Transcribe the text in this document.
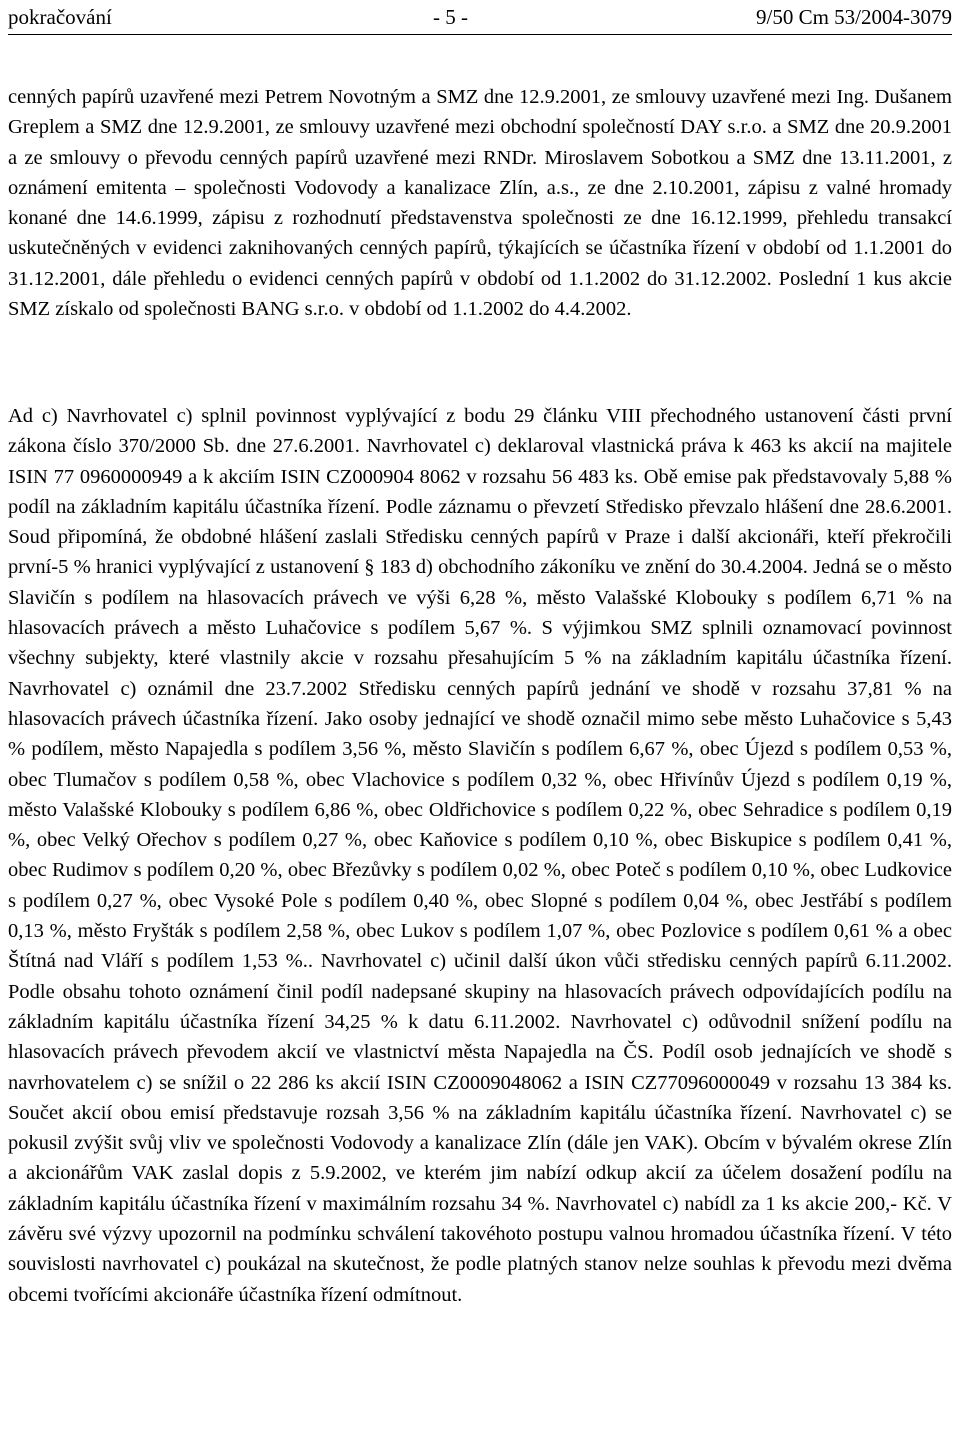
pokračování	- 5 -	9/50 Cm 53/2004-3079

cenných papírů uzavřené mezi Petrem Novotným a SMZ dne 12.9.2001, ze smlouvy uzavřené mezi Ing. Dušanem Greplem a SMZ dne 12.9.2001, ze smlouvy uzavřené mezi obchodní společností DAY s.r.o. a SMZ dne 20.9.2001 a ze smlouvy o převodu cenných papírů uzavřené mezi RNDr. Miroslavem Sobotkou a SMZ dne 13.11.2001, z oznámení emitenta – společnosti Vodovody a kanalizace Zlín, a.s., ze dne 2.10.2001, zápisu z valné hromady konané dne 14.6.1999, zápisu z rozhodnutí představenstva společnosti ze dne 16.12.1999, přehledu transakcí uskutečněných v evidenci zaknihovaných cenných papírů, týkajících se účastníka řízení v období od 1.1.2001 do 31.12.2001, dále přehledu o evidenci cenných papírů v období od 1.1.2002 do 31.12.2002. Poslední 1 kus akcie SMZ získalo od společnosti BANG s.r.o. v období od 1.1.2002 do 4.4.2002.

Ad c) Navrhovatel c) splnil povinnost vyplývající z bodu 29 článku VIII přechodného ustanovení části první zákona číslo 370/2000 Sb. dne 27.6.2001. Navrhovatel c) deklaroval vlastnická práva k 463 ks akcií na majitele ISIN 77 0960000949 a k akciím ISIN CZ000904 8062 v rozsahu 56 483 ks. Obě emise pak představovaly 5,88 % podíl na základním kapitálu účastníka řízení. Podle záznamu o převzetí Středisko převzalo hlášení dne 28.6.2001. Soud připomíná, že obdobné hlášení zaslali Středisku cenných papírů v Praze i další akcionáři, kteří překročili první-5 % hranici vyplývající z ustanovení § 183 d) obchodního zákoníku ve znění do 30.4.2004. Jedná se o město Slavičín s podílem na hlasovacích právech ve výši 6,28 %, město Valašské Klobouky s podílem 6,71 % na hlasovacích právech a město Luhačovice s podílem 5,67 %. S výjimkou SMZ splnili oznamovací povinnost všechny subjekty, které vlastnily akcie v rozsahu přesahujícím 5 % na základním kapitálu účastníka řízení. Navrhovatel c) oznámil dne 23.7.2002 Středisku cenných papírů jednání ve shodě v rozsahu 37,81 % na hlasovacích právech účastníka řízení. Jako osoby jednající ve shodě označil mimo sebe město Luhačovice s 5,43 % podílem, město Napajedla s podílem 3,56 %, město Slavičín s podílem 6,67 %, obec Újezd s podílem 0,53 %, obec Tlumačov s podílem 0,58 %, obec Vlachovice s podílem 0,32 %, obec Hřivínův Újezd s podílem 0,19 %, město Valašské Klobouky s podílem 6,86 %, obec Oldřichovice s podílem 0,22 %, obec Sehradice s podílem 0,19 %, obec Velký Ořechov s podílem 0,27 %, obec Kaňovice s podílem 0,10 %, obec Biskupice s podílem 0,41 %, obec Rudimov s podílem 0,20 %, obec Březůvky s podílem 0,02 %, obec Poteč s podílem 0,10 %, obec Ludkovice s podílem 0,27 %, obec Vysoké Pole s podílem 0,40 %, obec Slopné s podílem 0,04 %, obec Jestřábí s podílem 0,13 %, město Fryšták s podílem 2,58 %, obec Lukov s podílem 1,07 %, obec Pozlovice s podílem 0,61 % a obec Štítná nad Vláří s podílem 1,53 %.. Navrhovatel c) učinil další úkon vůči středisku cenných papírů 6.11.2002. Podle obsahu tohoto oznámení činil podíl nadepsané skupiny na hlasovacích právech odpovídajících podílu na základním kapitálu účastníka řízení 34,25 % k datu 6.11.2002. Navrhovatel c) odůvodnil snížení podílu na hlasovacích právech převodem akcií ve vlastnictví města Napajedla na ČS. Podíl osob jednajících ve shodě s navrhovatelem c) se snížil o 22 286 ks akcií ISIN CZ0009048062 a ISIN CZ77096000049 v rozsahu 13 384 ks. Součet akcií obou emisí představuje rozsah 3,56 % na základním kapitálu účastníka řízení. Navrhovatel c) se pokusil zvýšit svůj vliv ve společnosti Vodovody a kanalizace Zlín (dále jen VAK). Obcím v bývalém okrese Zlín a akcionářům VAK zaslal dopis z 5.9.2002, ve kterém jim nabízí odkup akcií za účelem dosažení podílu na základním kapitálu účastníka řízení v maximálním rozsahu 34 %. Navrhovatel c) nabídl za 1 ks akcie 200,- Kč. V závěru své výzvy upozornil na podmínku schválení takovéhoto postupu valnou hromadou účastníka řízení. V této souvislosti navrhovatel c) poukázal na skutečnost, že podle platných stanov nelze souhlas k převodu mezi dvěma obcemi tvořícími akcionáře účastníka řízení odmítnout.
